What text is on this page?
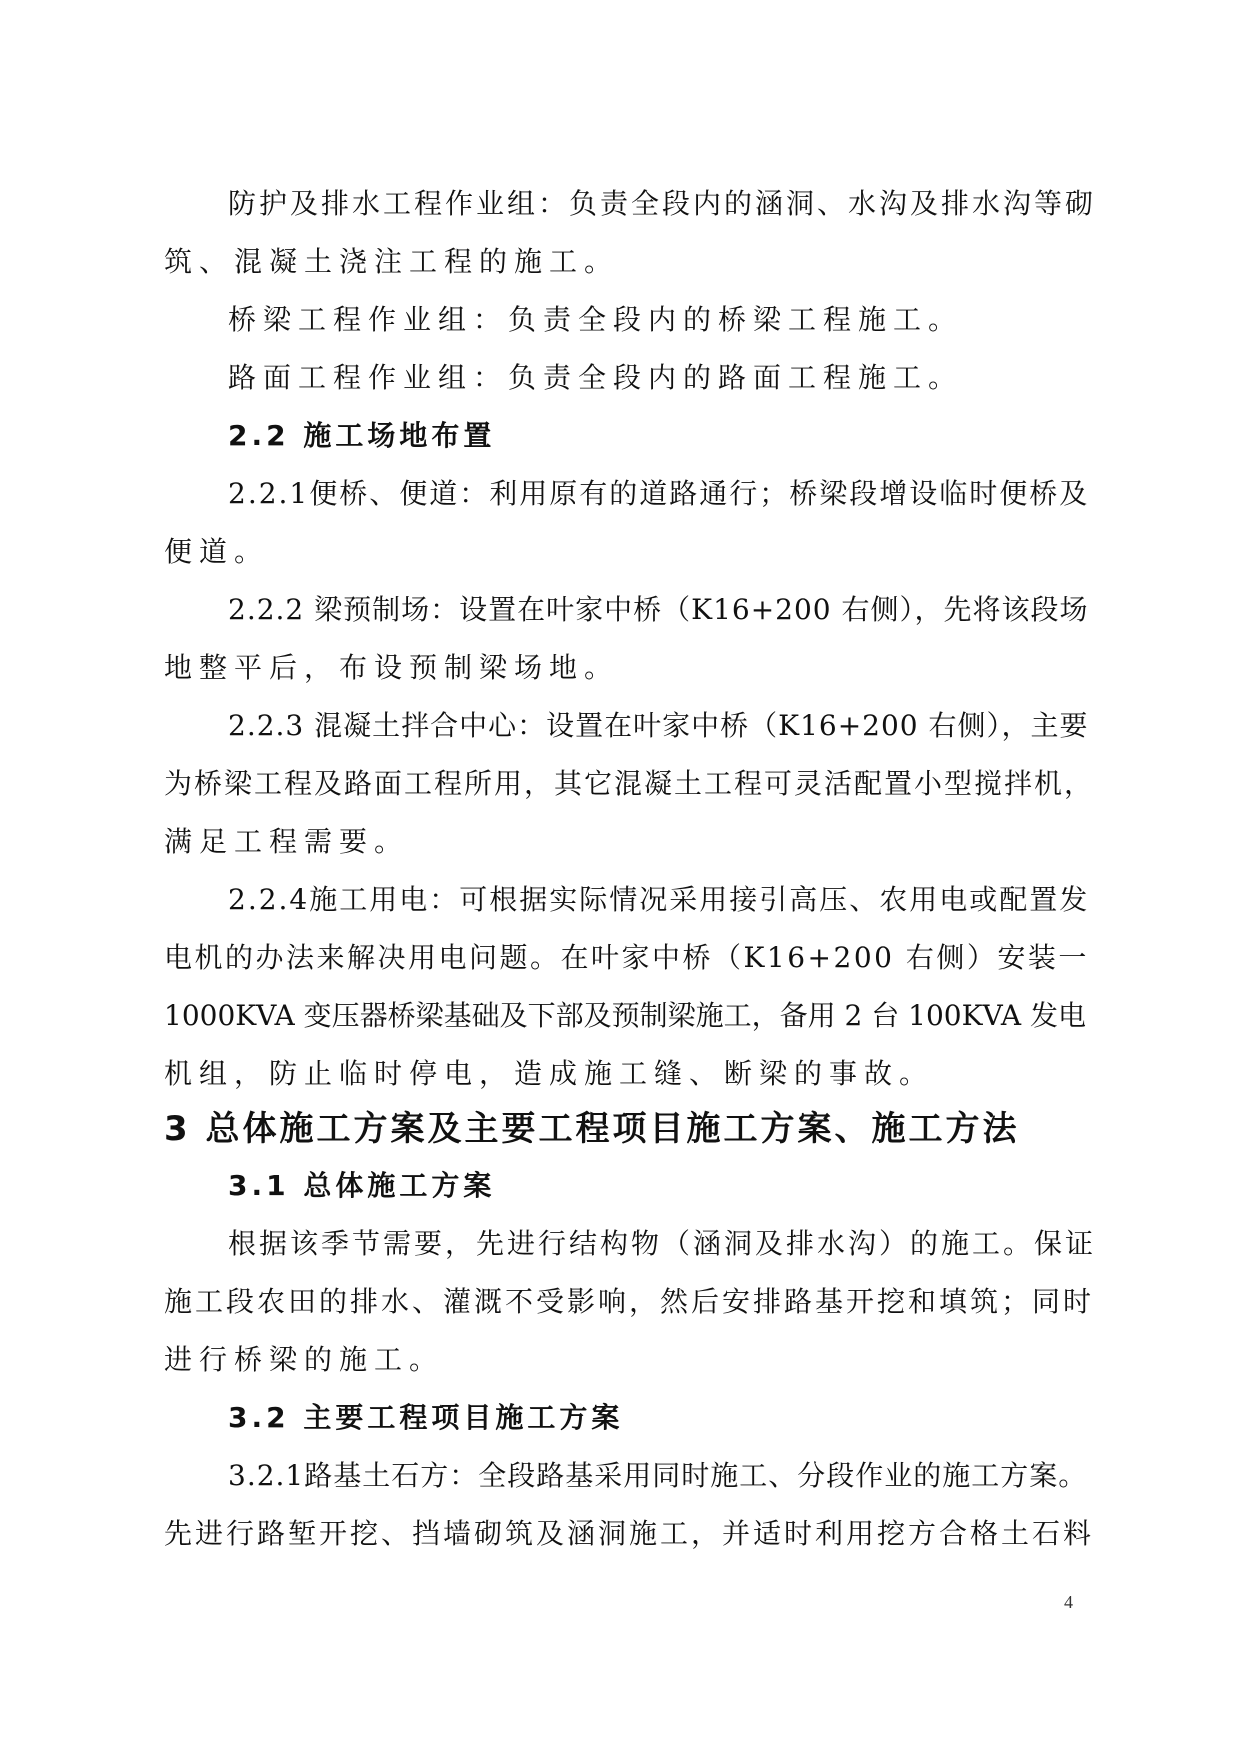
防护及排水工程作业组：负责全段内的涵洞、水沟及排水沟等砌
筑、混凝土浇注工程的施工。
桥梁工程作业组：负责全段内的桥梁工程施工。
路面工程作业组：负责全段内的路面工程施工。
2.2 施工场地布置
2.2.1便桥、便道：利用原有的道路通行；桥梁段增设临时便桥及
便道。
2.2.2 梁预制场：设置在叶家中桥（K16+200 右侧），先将该段场
地整平后，布设预制梁场地。
2.2.3 混凝土拌合中心：设置在叶家中桥（K16+200 右侧），主要
为桥梁工程及路面工程所用，其它混凝土工程可灵活配置小型搅拌机，
满足工程需要。
2.2.4施工用电：可根据实际情况采用接引高压、农用电或配置发
电机的办法来解决用电问题。在叶家中桥（K16+200 右侧）安装一
1000KVA 变压器桥梁基础及下部及预制梁施工，备用 2 台 100KVA 发电
机组，防止临时停电，造成施工缝、断梁的事故。
3 总体施工方案及主要工程项目施工方案、施工方法
3.1 总体施工方案
根据该季节需要，先进行结构物（涵洞及排水沟）的施工。保证
施工段农田的排水、灌溉不受影响，然后安排路基开挖和填筑；同时
进行桥梁的施工。
3.2 主要工程项目施工方案
3.2.1路基土石方：全段路基采用同时施工、分段作业的施工方案。
先进行路堑开挖、挡墙砌筑及涵洞施工，并适时利用挖方合格土石料
4
